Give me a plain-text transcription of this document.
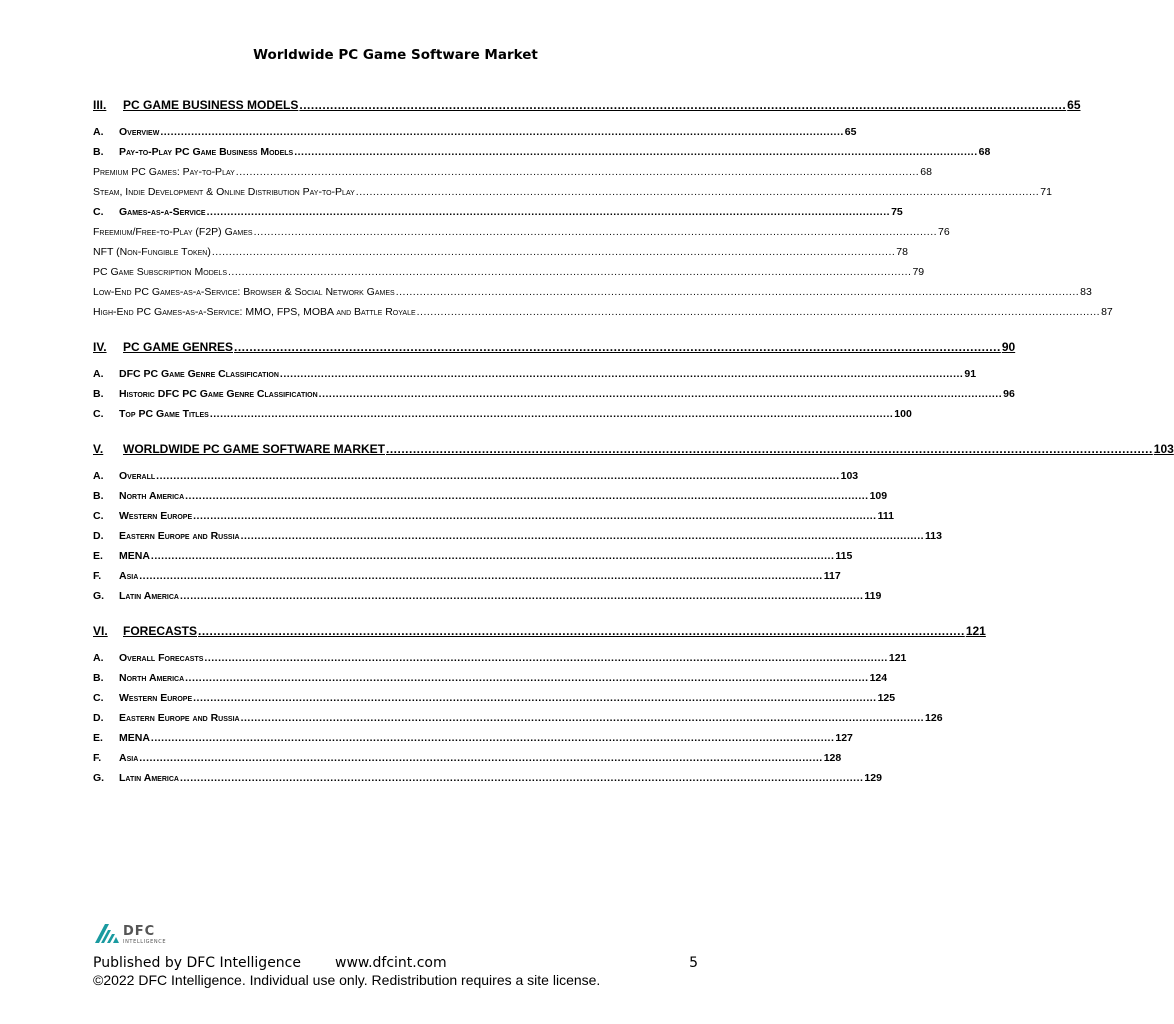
Worldwide PC Game Software Market
III. PC GAME BUSINESS MODELS ........................................................................................................................................................................................................ 65
A. Overview ........................................................................................................................................................................................................ 65
B. Pay-to-Play PC Game Business Models ........................................................................................................................................................................................................ 68
Premium PC Games: Pay-to-Play ........................................................................................................................................................................................................ 68
Steam, Indie Development & Online Distribution Pay-to-Play ........................................................................................................................................................................................................ 71
C. Games-as-a-Service ........................................................................................................................................................................................................ 75
Freemium/Free-to-Play (F2P) Games ........................................................................................................................................................................................................ 76
NFT (Non-Fungible Token) ........................................................................................................................................................................................................ 78
PC Game Subscription Models ........................................................................................................................................................................................................ 79
Low-End PC Games-as-a-Service: Browser & Social Network Games ........................................................................................................................................................................................................ 83
High-End PC Games-as-a-Service: MMO, FPS, MOBA and Battle Royale ........................................................................................................................................................................................................ 87
IV. PC GAME GENRES ........................................................................................................................................................................................................ 90
A. DFC PC Game Genre Classification ........................................................................................................................................................................................................ 91
B. Historic DFC PC Game Genre Classification ........................................................................................................................................................................................................ 96
C. Top PC Game Titles ........................................................................................................................................................................................................ 100
V. WORLDWIDE PC GAME SOFTWARE MARKET ........................................................................................................................................................................................................ 103
A. Overall ........................................................................................................................................................................................................ 103
B. North America ........................................................................................................................................................................................................ 109
C. Western Europe ........................................................................................................................................................................................................ 111
D. Eastern Europe and Russia ........................................................................................................................................................................................................ 113
E. MENA ........................................................................................................................................................................................................ 115
F. Asia ........................................................................................................................................................................................................ 117
G. Latin America ........................................................................................................................................................................................................ 119
VI. FORECASTS ........................................................................................................................................................................................................ 121
A. Overall Forecasts ........................................................................................................................................................................................................ 121
B. North America ........................................................................................................................................................................................................ 124
C. Western Europe ........................................................................................................................................................................................................ 125
D. Eastern Europe and Russia ........................................................................................................................................................................................................ 126
E. MENA ........................................................................................................................................................................................................ 127
F. Asia ........................................................................................................................................................................................................ 128
G. Latin America ........................................................................................................................................................................................................ 129
DFC
INTELLIGENCE
Published by DFC Intelligence www.dfcint.com	5
©2022 DFC Intelligence. Individual use only. Redistribution requires a site license.
